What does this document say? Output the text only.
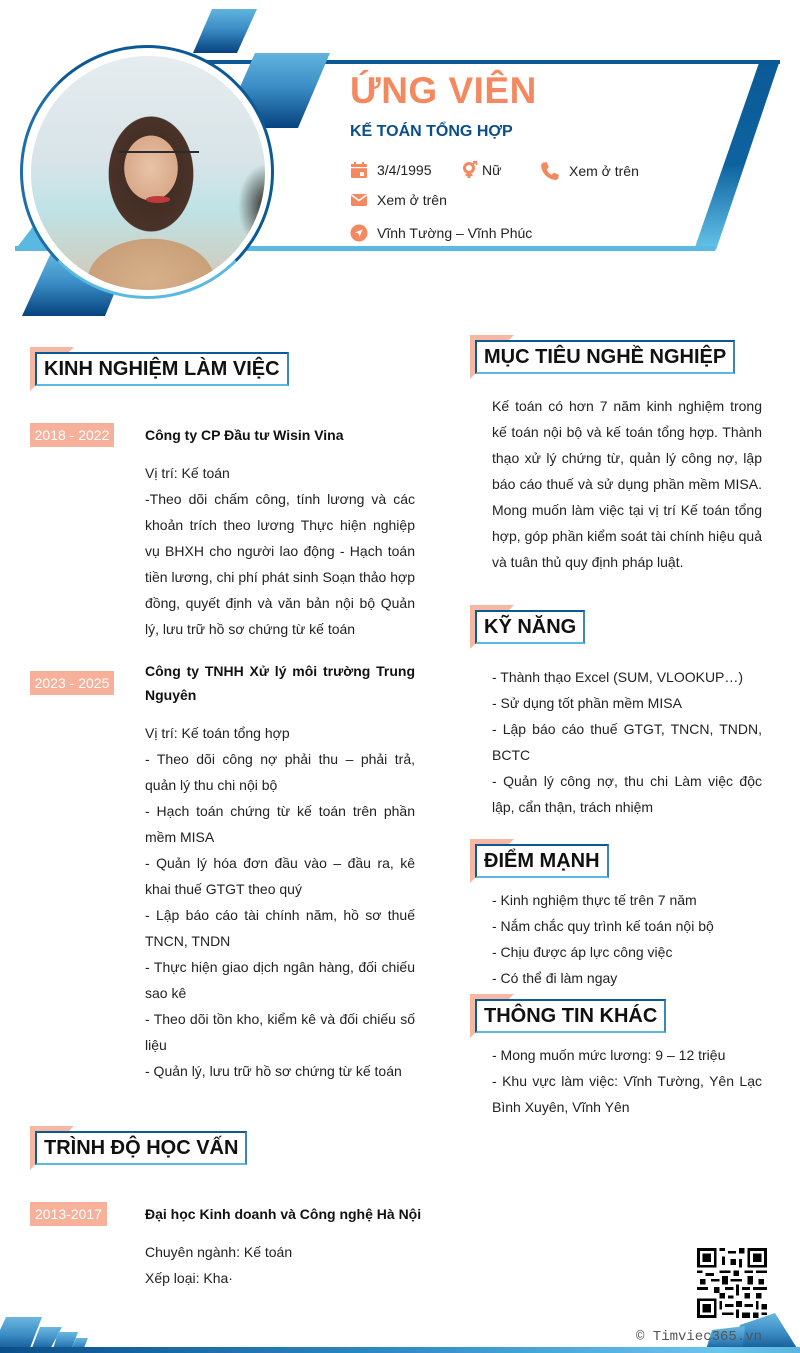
ỨNG VIÊN
KẾ TOÁN TỔNG HỢP
3/4/1995	Nữ	Xem ở trên
Xem ở trên
Vĩnh Tường – Vĩnh Phúc
KINH NGHIỆM LÀM VIỆC
2018 - 2022	Công ty CP Đầu tư Wisin Vina

Vị trí: Kế toán

-Theo dõi chấm công, tính lương và các khoản trích theo lương Thực hiện nghiệp vụ BHXH cho người lao động - Hạch toán tiền lương, chi phí phát sinh Soạn thảo hợp đồng, quyết định và văn bản nội bộ Quản lý, lưu trữ hồ sơ chứng từ kế toán

2023 - 2025
Công ty TNHH Xử lý môi trường Trung Nguyên

Vị trí: Kế toán tổng hợp

- Theo dõi công nợ phải thu – phải trả, quản lý thu chi nội bộ

- Hạch toán chứng từ kế toán trên phần mềm MISA

- Quản lý hóa đơn đầu vào – đầu ra, kê khai thuế GTGT theo quý

- Lập báo cáo tài chính năm, hồ sơ thuế TNCN, TNDN

- Thực hiện giao dịch ngân hàng, đối chiếu sao kê

- Theo dõi tồn kho, kiểm kê và đối chiếu số liệu

- Quản lý, lưu trữ hồ sơ chứng từ kế toán

TRÌNH ĐỘ HỌC VẤN
2013-2017	Đại học Kinh doanh và Công nghệ Hà Nội

Chuyên ngành: Kế toán

Xếp loại: Kha·

MỤC TIÊU NGHỀ NGHIỆP

Kế toán có hơn 7 năm kinh nghiệm trong kế toán nội bộ và kế toán tổng hợp. Thành thạo xử lý chứng từ, quản lý công nợ, lập báo cáo thuế và sử dụng phần mềm MISA. Mong muốn làm việc tại vị trí Kế toán tổng hợp, góp phần kiểm soát tài chính hiệu quả và tuân thủ quy định pháp luật.

KỸ NĂNG

- Thành thạo Excel (SUM, VLOOKUP…)

- Sử dụng tốt phần mềm MISA

- Lập báo cáo thuế GTGT, TNCN, TNDN, BCTC

- Quản lý công nợ, thu chi Làm việc độc lập, cẩn thận, trách nhiệm

ĐIỂM MẠNH

- Kinh nghiệm thực tế trên 7 năm

- Nắm chắc quy trình kế toán nội bộ

- Chịu được áp lực công việc

- Có thể đi làm ngay

THÔNG TIN KHÁC

- Mong muốn mức lương: 9 – 12 triệu

- Khu vực làm việc: Vĩnh Tường, Yên Lạc Bình Xuyên, Vĩnh Yên

© Timviec365.vn
